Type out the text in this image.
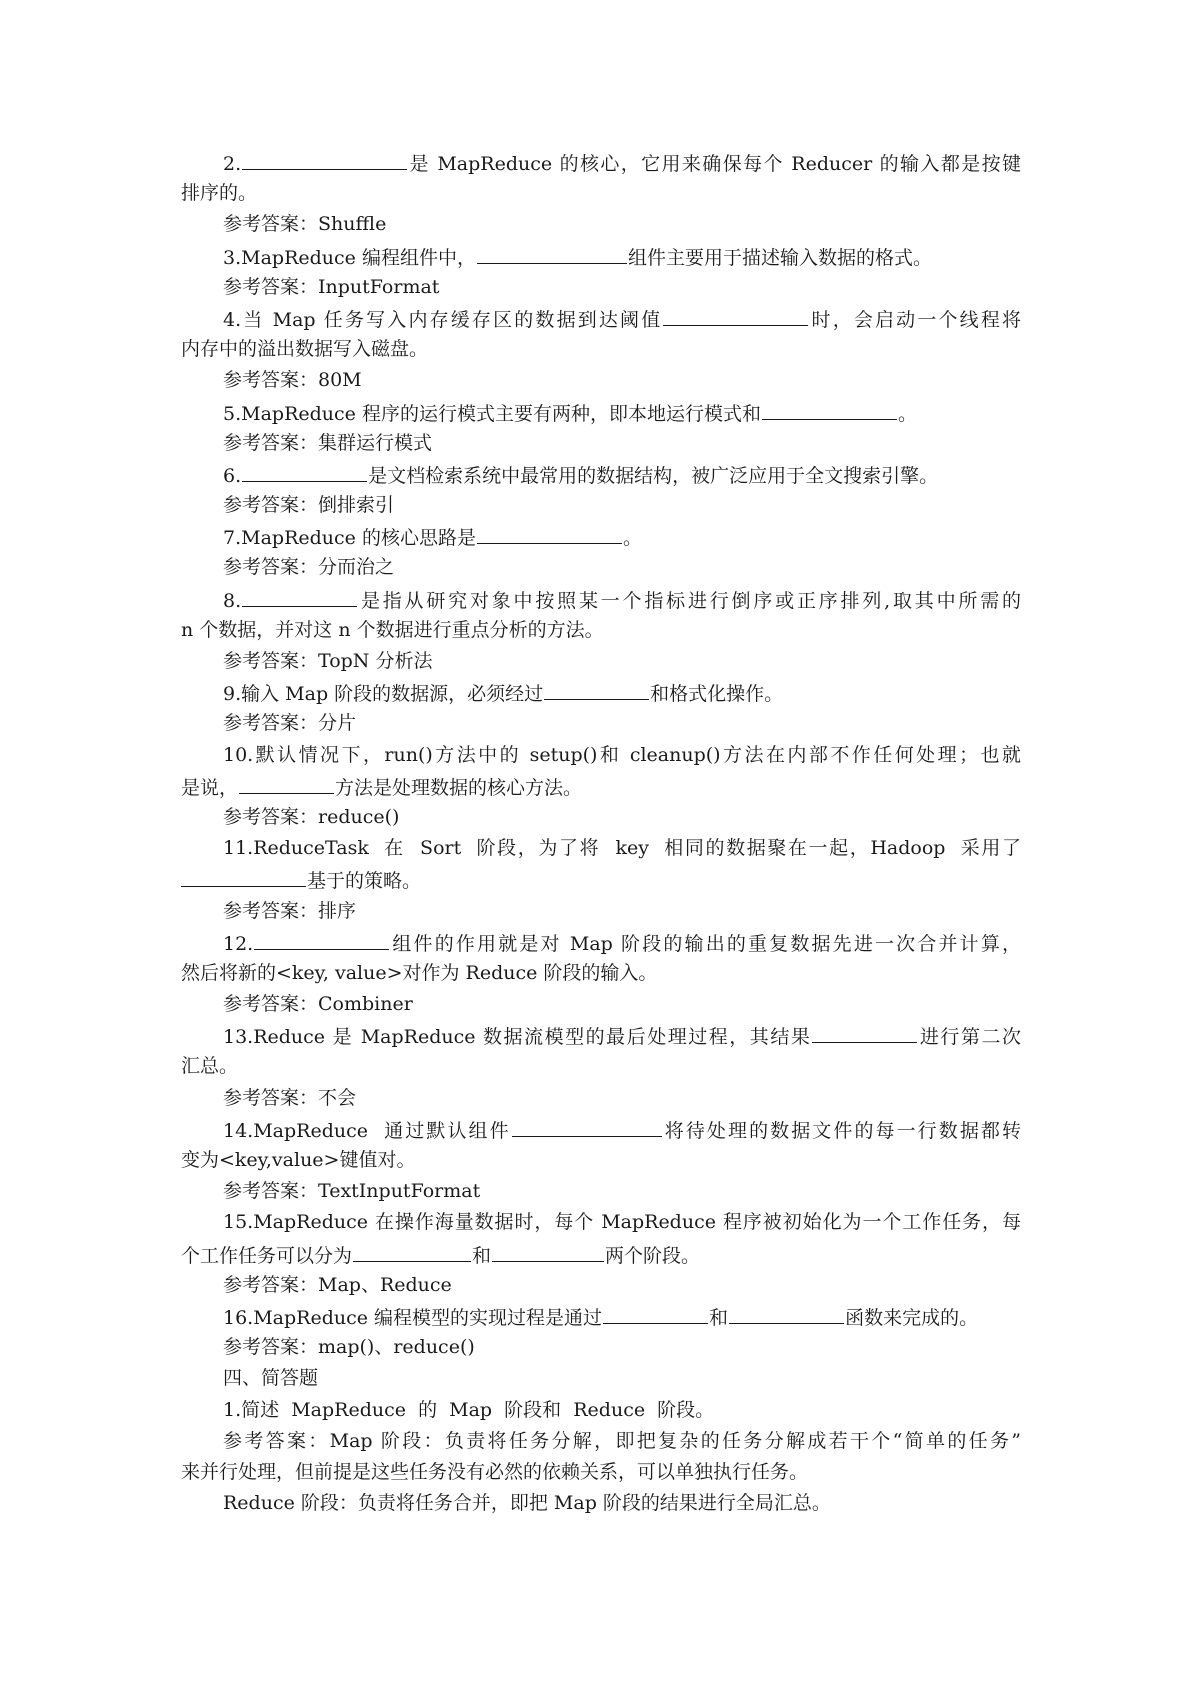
2.	是 MapReduce 的核心，它用来确保每个 Reducer 的输入都是按键
排序的。
参考答案：Shuffle
3.MapReduce 编程组件中，	组件主要用于描述输入数据的格式。
参考答案：InputFormat
4.当 Map 任务写入内存缓存区的数据到达阈值	时，会启动一个线程将
内存中的溢出数据写入磁盘。
参考答案：80M
5.MapReduce 程序的运行模式主要有两种，即本地运行模式和	。
参考答案：集群运行模式
6.	是文档检索系统中最常用的数据结构，被广泛应用于全文搜索引擎。
参考答案：倒排索引
7.MapReduce 的核心思路是	。
参考答案：分而治之
8.	是指从研究对象中按照某一个指标进行倒序或正序排列,取其中所需的
n 个数据，并对这 n 个数据进行重点分析的方法。
参考答案：TopN 分析法
9.输入 Map 阶段的数据源，必须经过	和格式化操作。
参考答案：分片
10.默认情况下，run()方法中的 setup()和 cleanup()方法在内部不作任何处理；也就
是说，	方法是处理数据的核心方法。
参考答案：reduce()
11.ReduceTask  在  Sort  阶段，为了将  key  相同的数据聚在一起，Hadoop  采用了
基于的策略。
参考答案：排序
12.	组件的作用就是对 Map 阶段的输出的重复数据先进一次合并计算，
然后将新的<key, value>对作为 Reduce 阶段的输入。
参考答案：Combiner
13.Reduce 是 MapReduce 数据流模型的最后处理过程，其结果	进行第二次
汇总。
参考答案：不会
14.MapReduce  通过默认组件	将待处理的数据文件的每一行数据都转
变为<key,value>键值对。
参考答案：TextInputFormat
15.MapReduce 在操作海量数据时，每个 MapReduce 程序被初始化为一个工作任务，每
个工作任务可以分为	和	两个阶段。
参考答案：Map、Reduce
16.MapReduce 编程模型的实现过程是通过	和	函数来完成的。
参考答案：map()、reduce()
四、简答题
1.简述  MapReduce  的  Map  阶段和  Reduce  阶段。
参考答案：Map 阶段：负责将任务分解，即把复杂的任务分解成若干个“简单的任务”
来并行处理，但前提是这些任务没有必然的依赖关系，可以单独执行任务。
Reduce 阶段：负责将任务合并，即把 Map 阶段的结果进行全局汇总。
